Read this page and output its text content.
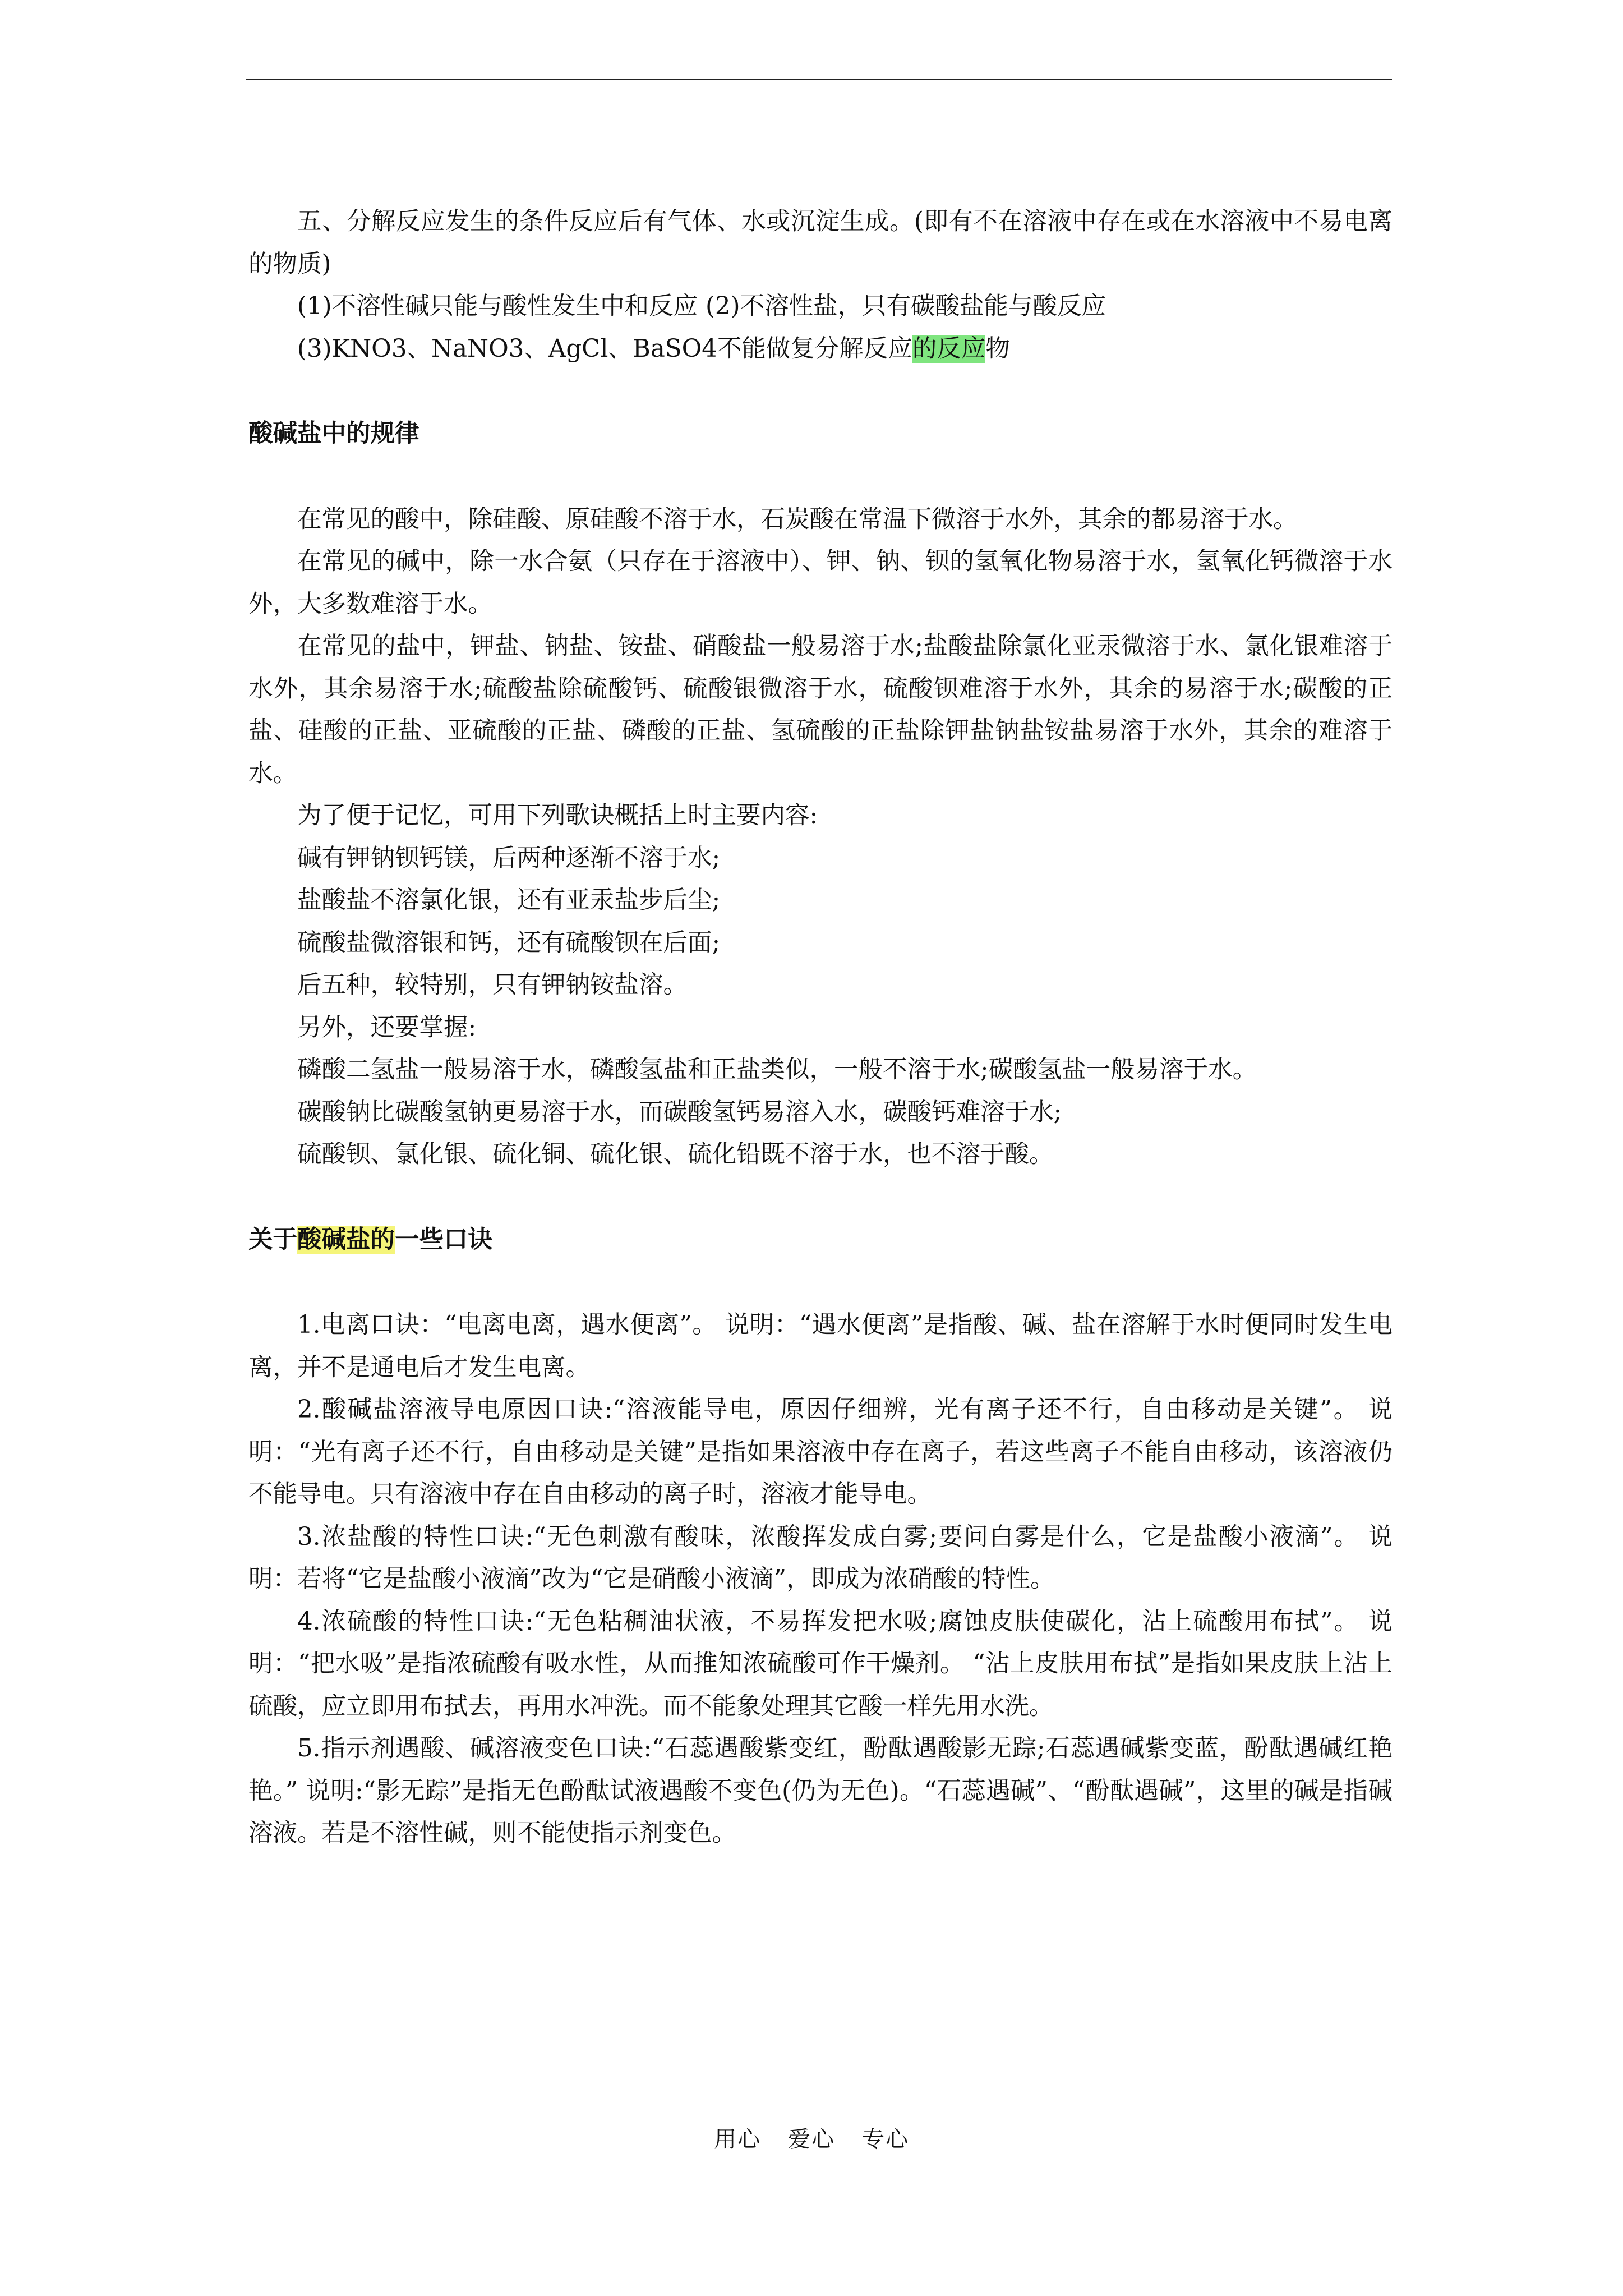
五、分解反应发生的条件反应后有气体、水或沉淀生成。(即有不在溶液中存在或在水溶液中不易电离的物质)

(1)不溶性碱只能与酸性发生中和反应 (2)不溶性盐，只有碳酸盐能与酸反应

(3)KNO3、NaNO3、AgCl、BaSO4不能做复分解反应的反应物

酸碱盐中的规律

在常见的酸中，除硅酸、原硅酸不溶于水，石炭酸在常温下微溶于水外，其余的都易溶于水。

在常见的碱中，除一水合氨（只存在于溶液中）、钾、钠、钡的氢氧化物易溶于水，氢氧化钙微溶于水外，大多数难溶于水。

在常见的盐中，钾盐、钠盐、铵盐、硝酸盐一般易溶于水;盐酸盐除氯化亚汞微溶于水、氯化银难溶于水外，其余易溶于水;硫酸盐除硫酸钙、硫酸银微溶于水，硫酸钡难溶于水外，其余的易溶于水;碳酸的正盐、硅酸的正盐、亚硫酸的正盐、磷酸的正盐、氢硫酸的正盐除钾盐钠盐铵盐易溶于水外，其余的难溶于水。

为了便于记忆，可用下列歌诀概括上时主要内容:

碱有钾钠钡钙镁，后两种逐渐不溶于水;

盐酸盐不溶氯化银，还有亚汞盐步后尘;

硫酸盐微溶银和钙，还有硫酸钡在后面;

后五种，较特别，只有钾钠铵盐溶。

另外，还要掌握:

磷酸二氢盐一般易溶于水，磷酸氢盐和正盐类似，一般不溶于水;碳酸氢盐一般易溶于水。

碳酸钠比碳酸氢钠更易溶于水，而碳酸氢钙易溶入水，碳酸钙难溶于水;

硫酸钡、氯化银、硫化铜、硫化银、硫化铅既不溶于水，也不溶于酸。

关于酸碱盐的一些口诀

1.电离口诀：“电离电离，遇水便离”。 说明：“遇水便离”是指酸、碱、盐在溶解于水时便同时发生电离，并不是通电后才发生电离。

2.酸碱盐溶液导电原因口诀:“溶液能导电，原因仔细辨，光有离子还不行，自由移动是关键”。 说明：“光有离子还不行，自由移动是关键”是指如果溶液中存在离子，若这些离子不能自由移动，该溶液仍不能导电。只有溶液中存在自由移动的离子时，溶液才能导电。

3.浓盐酸的特性口诀:“无色刺激有酸味，浓酸挥发成白雾;要问白雾是什么，它是盐酸小液滴”。 说明：若将“它是盐酸小液滴”改为“它是硝酸小液滴”，即成为浓硝酸的特性。

4.浓硫酸的特性口诀:“无色粘稠油状液，不易挥发把水吸;腐蚀皮肤使碳化，沾上硫酸用布拭”。 说明：“把水吸”是指浓硫酸有吸水性，从而推知浓硫酸可作干燥剂。 “沾上皮肤用布拭”是指如果皮肤上沾上硫酸，应立即用布拭去，再用水冲洗。而不能象处理其它酸一样先用水洗。

5.指示剂遇酸、碱溶液变色口诀:“石蕊遇酸紫变红，酚酞遇酸影无踪;石蕊遇碱紫变蓝，酚酞遇碱红艳艳。” 说明:“影无踪”是指无色酚酞试液遇酸不变色(仍为无色)。“石蕊遇碱”、“酚酞遇碱”，这里的碱是指碱溶液。若是不溶性碱，则不能使指示剂变色。

用心 爱心 专心
